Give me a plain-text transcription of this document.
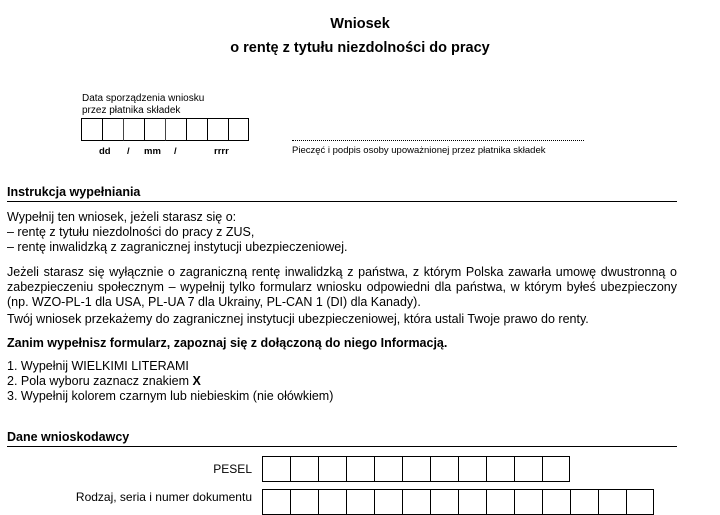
Wniosek
o rentę z tytułu niezdolności do pracy
Data sporządzenia wniosku
przez płatnika składek
dd / mm /	rrrr	Pieczęć i podpis osoby upoważnionej przez płatnika składek
Instrukcja wypełniania
Wypełnij ten wniosek, jeżeli starasz się o:
– rentę z tytułu niezdolności do pracy z ZUS,
– rentę inwalidzką z zagranicznej instytucji ubezpieczeniowej.
Jeżeli starasz się wyłącznie o zagraniczną rentę inwalidzką z państwa, z którym Polska zawarła umowę dwustronną o zabezpieczeniu społecznym – wypełnij tylko formularz wniosku odpowiedni dla państwa, w którym byłeś ubezpieczony (np. WZO-PL-1 dla USA, PL-UA 7 dla Ukrainy, PL-CAN 1 (DI) dla Kanady).
Twój wniosek przekażemy do zagranicznej instytucji ubezpieczeniowej, która ustali Twoje prawo do renty.
Zanim wypełnisz formularz, zapoznaj się z dołączoną do niego Informacją.
1. Wypełnij WIELKIMI LITERAMI
2. Pola wyboru zaznacz znakiem X
3. Wypełnij kolorem czarnym lub niebieskim (nie ołówkiem)
Dane wnioskodawcy
PESEL
Rodzaj, seria i numer dokumentu
